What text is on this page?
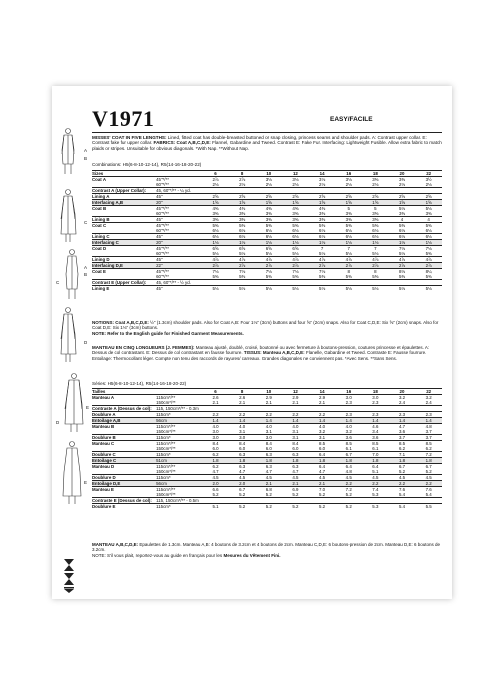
V1971	EASY/FACILE
MISSES' COAT IN FIVE LENGTHS: Lined, fitted coat has double-breasted buttoned or snap closing, princess seams and shoulder pads. A: Contrast upper collar. E: Contrast fake fur upper collar. FABRICS: Coat A,B,C,D,E: Flannel, Gabardine and Tweed. Contrast E: Fake Fur. Interfacing: Lightweight Fusible. Allow extra fabric to match plaids or stripes. Unsuitable for obvious diagonals. *With Nap. **Without Nap.
Combinations: H5(6-8-10-12-14), R5(14-16-18-20-22)
Sizes		6	8	10	12	14	16	18	20	22
Coat A	45"*/**	2⅞	2⅞	3⅛	3⅛	3⅛	3⅛	3⅜	3⅜	3½
	60"*/**	2⅛	2⅛	2⅛	2⅛	2⅛	2⅛	2⅛	2⅛	2⅛
Contrast A (Upper Collar):	45, 60"*/** - ¼ yd.									
Lining A	45"	2⅝	2⅝	2⅝	2⅝	2⅝	2⅝	2⅝	2⅝	2⅝
Interfacing A,B	20"	1⅝	1⅝	1⅝	1⅝	1⅝	1⅝	1⅝	1⅝	1⅝
Coat B	45"*/**	4⅜	4⅜	4⅜	4⅜	4⅜	5	5	5⅛	5⅛
	60"*/**	3⅜	3⅜	3⅜	3⅜	3⅜	3⅜	3⅜	3⅜	3⅜
Lining B	45"	3⅜	3⅜	3⅜	3⅜	3⅜	3⅜	3⅜	4	4
Coat C	45"*/**	5⅜	5⅜	5⅜	5⅜	5⅜	5⅜	5⅜	5⅜	5⅜
	60"*/**	6⅛	6⅛	6⅛	6⅛	6⅛	6⅛	6⅛	6⅛	6⅛
Lining C	45"	6⅛	6⅛	6⅛	6⅛	6⅛	6⅛	6⅛	6⅛	6⅛
Interfacing C	20"	1⅛	1⅛	1⅛	1⅛	1⅛	1⅛	1⅛	1⅛	1⅛
Coat D	45"*/**	6⅝	6⅝	6⅝	6⅝	7	7	7	7⅛	7⅛
	60"*/**	5⅛	5⅛	5⅛	5⅛	5⅛	5⅛	5⅛	5⅛	5⅜
Lining D	45"	4⅞	4⅞	4⅞	4⅞	4⅞	4⅞	4⅞	4⅞	4⅞
Interfacing D,E	22"	2⅞	2⅞	2⅞	2⅞	2⅞	2⅞	2⅞	2⅞	2⅞
Coat E	45"*/**	7⅛	7⅛	7⅛	7⅛	7⅛	8	8	8⅛	8¼
	60"*/**	5⅜	5⅜	5⅜	5⅜	5⅜	5⅜	5⅜	5⅜	5⅜
Contrast E (Upper Collar):	45, 60"*/** - ½ yd.									
Lining E	45"	5⅛	5⅛	5⅛	5⅛	5⅛	5⅛	5⅛	5⅛	5⅛
NOTIONS: Coat A,B,C,D,E: ½" (1.3cm) shoulder pads. Also for Coat A,B: Four 1⅛" (3cm) buttons and four ⅝" (2cm) snaps. Also for Coat C,D,E: Six ⅝" (2cm) snaps. Also for Coat D,E: Six 1⅛" (3cm) buttons.
NOTE: Refer to the English guide for Finished Garment Measurements.
MANTEAU EN CINQ LONGUEURS (J. FEMMES): Manteau ajusté, doublé, croisé, boutonné ou avec fermeture à boutons-pression, coutures princesse et épaulettes. A: Dessus de col contrastant. E: Dessus de col contrastant en fausse fourrure. TISSUS: Manteau A,B,C,D,E: Flanelle, Gabardine et Tweed. Contraste E: Fausse fourrure. Entoilage: Thermocollant léger. Compte non tenu des raccords de rayures/ carreaux. Grandes diagonales ne conviennent pas. *Avec Sens. **Sans Sens.
Séries: H5(6-8-10-12-14), R5(14-16-18-20-22)
Tailles		6	8	10	12	14	16	18	20	22
Manteau A	115cm*/**	2.6	2.6	2.9	2.9	2.9	3.0	3.0	3.2	3.2
	150cm*/**	2.1	2.1	2.1	2.1	2.1	2.3	2.3	2.4	2.4
Contraste A (Dessus de col):	115, 150cm*/** - 0.3m									
Doublure A	115cm*	2.2	2.2	2.2	2.2	2.2	2.3	2.3	2.3	2.3
Entoilage A,B	56cm	1.4	1.4	1.4	1.4	1.4	1.4	1.4	1.4	1.4
Manteau B	115cm*/**	4.0	4.0	4.0	4.0	4.0	4.0	4.6	4.7	4.8
	150cm*/**	3.0	3.1	3.1	3.1	3.2	3.2	3.4	3.6	3.7
Doublure B	115cm*	3.0	3.0	3.0	3.1	3.1	3.6	3.6	3.7	3.7
Manteau C	115cm*/**	8.4	8.4	8.4	8.4	8.5	8.5	8.5	8.5	8.5
	150cm*/**	6.0	6.0	6.0	6.0	6.0	6.1	6.1	6.2	6.2
Doublure C	115cm*	6.2	6.3	6.3	6.3	6.4	6.7	7.0	7.1	7.2
Entoilage C	51cm	1.8	1.8	1.8	1.8	1.8	1.8	1.8	1.8	1.8
Manteau D	115cm*/**	6.2	6.3	6.3	6.3	6.4	6.4	6.4	6.7	6.7
	150cm*/**	4.7	4.7	4.7	4.7	4.7	4.8	5.1	5.2	5.2
Doublure D	115cm*	4.5	4.5	4.5	4.5	4.5	4.5	4.5	4.5	4.5
Entoilage D,E	56cm	2.0	2.0	2.1	2.1	2.1	2.2	2.2	2.2	2.2
Manteau E	115cm*/**	6.6	6.7	6.8	6.9	7.0	7.2	7.4	7.6	7.6
	150cm*/**	5.2	5.2	5.2	5.2	5.2	5.2	5.3	5.4	5.4
Contraste E (Dessus de col):	115, 150cm*/** - 0.5m									
Doublure E	115cm*	5.1	5.2	5.2	5.2	5.2	5.2	5.3	5.4	5.5
MANTEAU A,B,C,D,E: Epaulettes de 1.3cm. Manteau A,B: 4 boutons de 3.2cm et 4 boutons de 2cm. Manteau C,D,E: 6 boutons-pression de 2cm. Manteau D,E: 6 boutons de 3.2cm.
NOTE: S'il vous plait, reportez-vous au guide en français pour les Mesures du Vêtement Fini.
A
B
C
A
B
C
D
E
D
E
